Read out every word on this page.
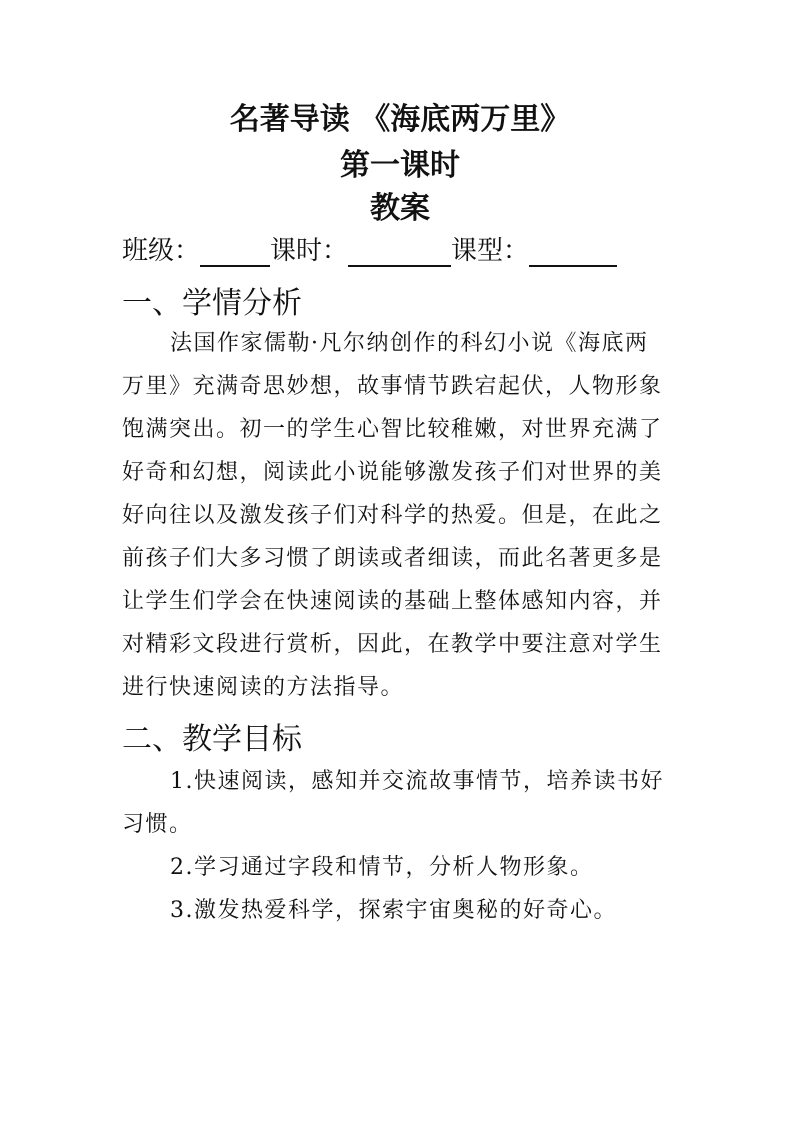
名著导读 《海底两万里》
第一课时
教案
班级：	课时：	课型：
一、学情分析
法国作家儒勒·凡尔纳创作的科幻小说《海底两
万里》充满奇思妙想，故事情节跌宕起伏，人物形象
饱满突出。初一的学生心智比较稚嫩，对世界充满了
好奇和幻想，阅读此小说能够激发孩子们对世界的美
好向往以及激发孩子们对科学的热爱。但是，在此之
前孩子们大多习惯了朗读或者细读，而此名著更多是
让学生们学会在快速阅读的基础上整体感知内容，并
对精彩文段进行赏析，因此，在教学中要注意对学生
进行快速阅读的方法指导。
二、教学目标
1.快速阅读，感知并交流故事情节，培养读书好
习惯。
2.学习通过字段和情节，分析人物形象。
3.激发热爱科学，探索宇宙奥秘的好奇心。
